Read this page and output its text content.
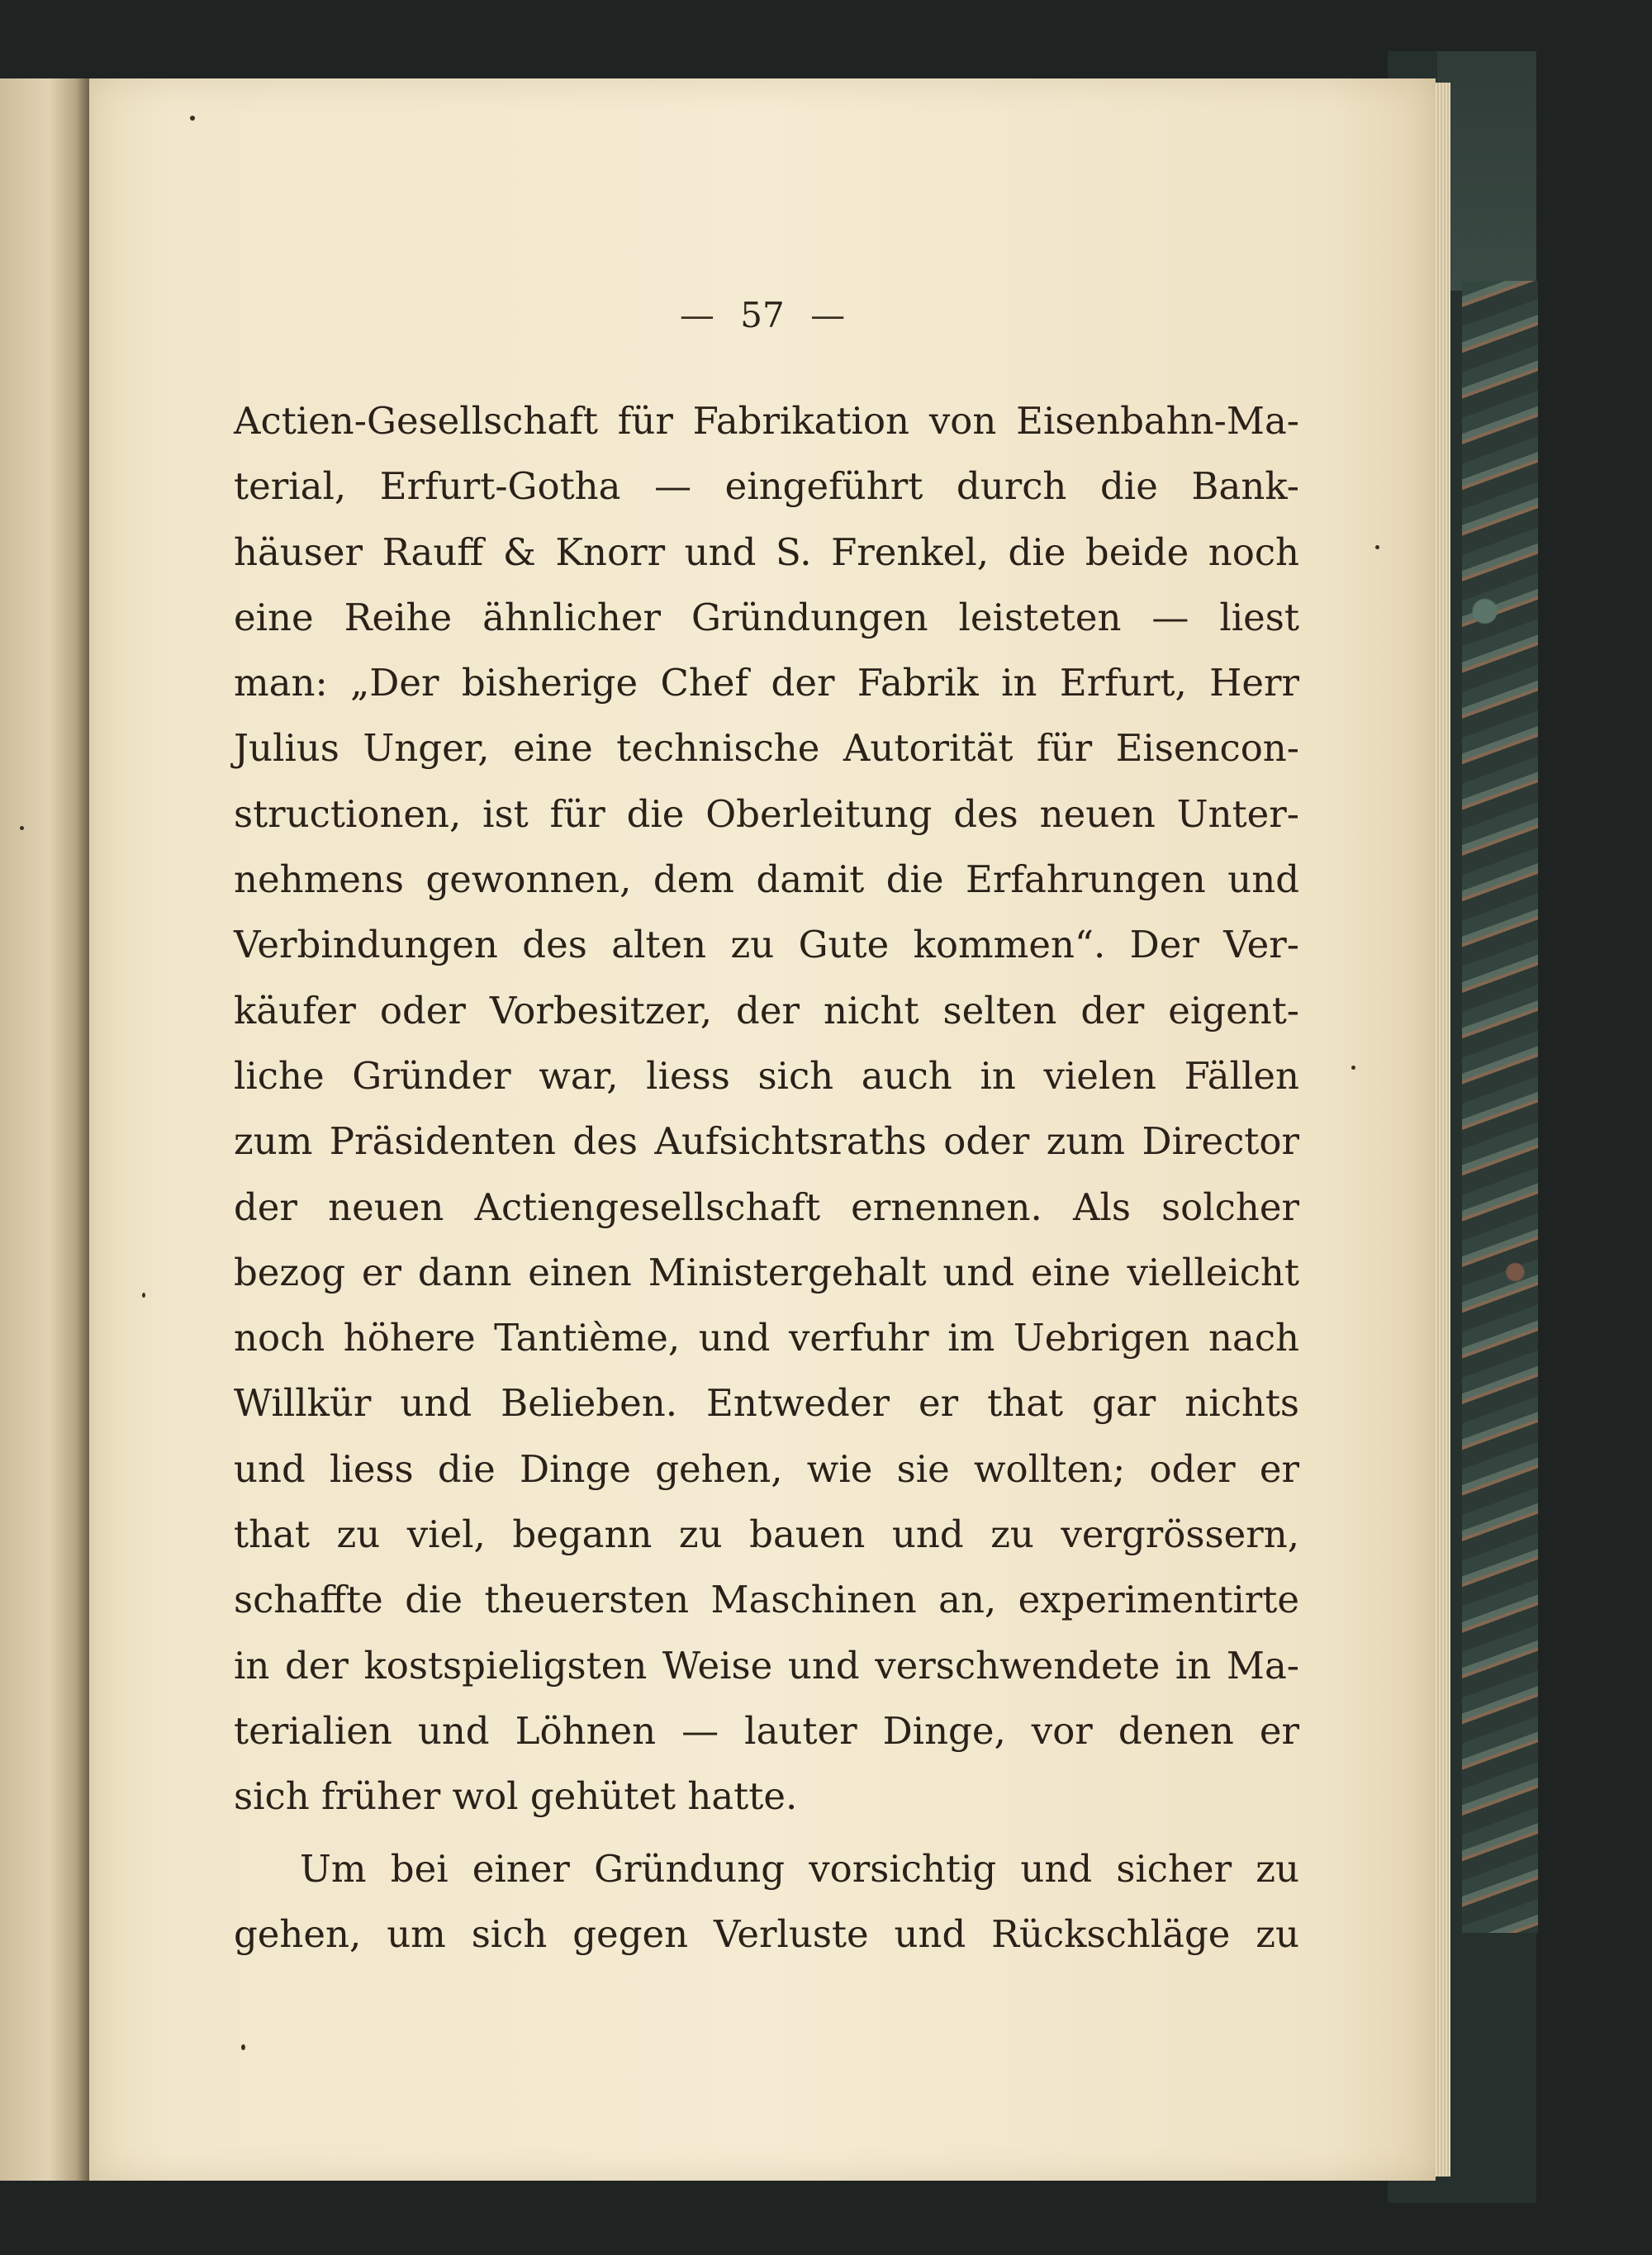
— 57 —
Actien-Gesellschaft für Fabrikation von Eisenbahn-Ma-
terial, Erfurt-Gotha — eingeführt durch die Bank-
häuser Rauff & Knorr und S. Frenkel, die beide noch
eine Reihe ähnlicher Gründungen leisteten — liest
man: „Der bisherige Chef der Fabrik in Erfurt, Herr
Julius Unger, eine technische Autorität für Eisencon-
structionen, ist für die Oberleitung des neuen Unter-
nehmens gewonnen, dem damit die Erfahrungen und
Verbindungen des alten zu Gute kommen“. Der Ver-
käufer oder Vorbesitzer, der nicht selten der eigent-
liche Gründer war, liess sich auch in vielen Fällen
zum Präsidenten des Aufsichtsraths oder zum Director
der neuen Actiengesellschaft ernennen. Als solcher
bezog er dann einen Ministergehalt und eine vielleicht
noch höhere Tantième, und verfuhr im Uebrigen nach
Willkür und Belieben. Entweder er that gar nichts
und liess die Dinge gehen, wie sie wollten; oder er
that zu viel, begann zu bauen und zu vergrössern,
schaffte die theuersten Maschinen an, experimentirte
in der kostspieligsten Weise und verschwendete in Ma-
terialien und Löhnen — lauter Dinge, vor denen er
sich früher wol gehütet hatte.
Um bei einer Gründung vorsichtig und sicher zu
gehen, um sich gegen Verluste und Rückschläge zu
